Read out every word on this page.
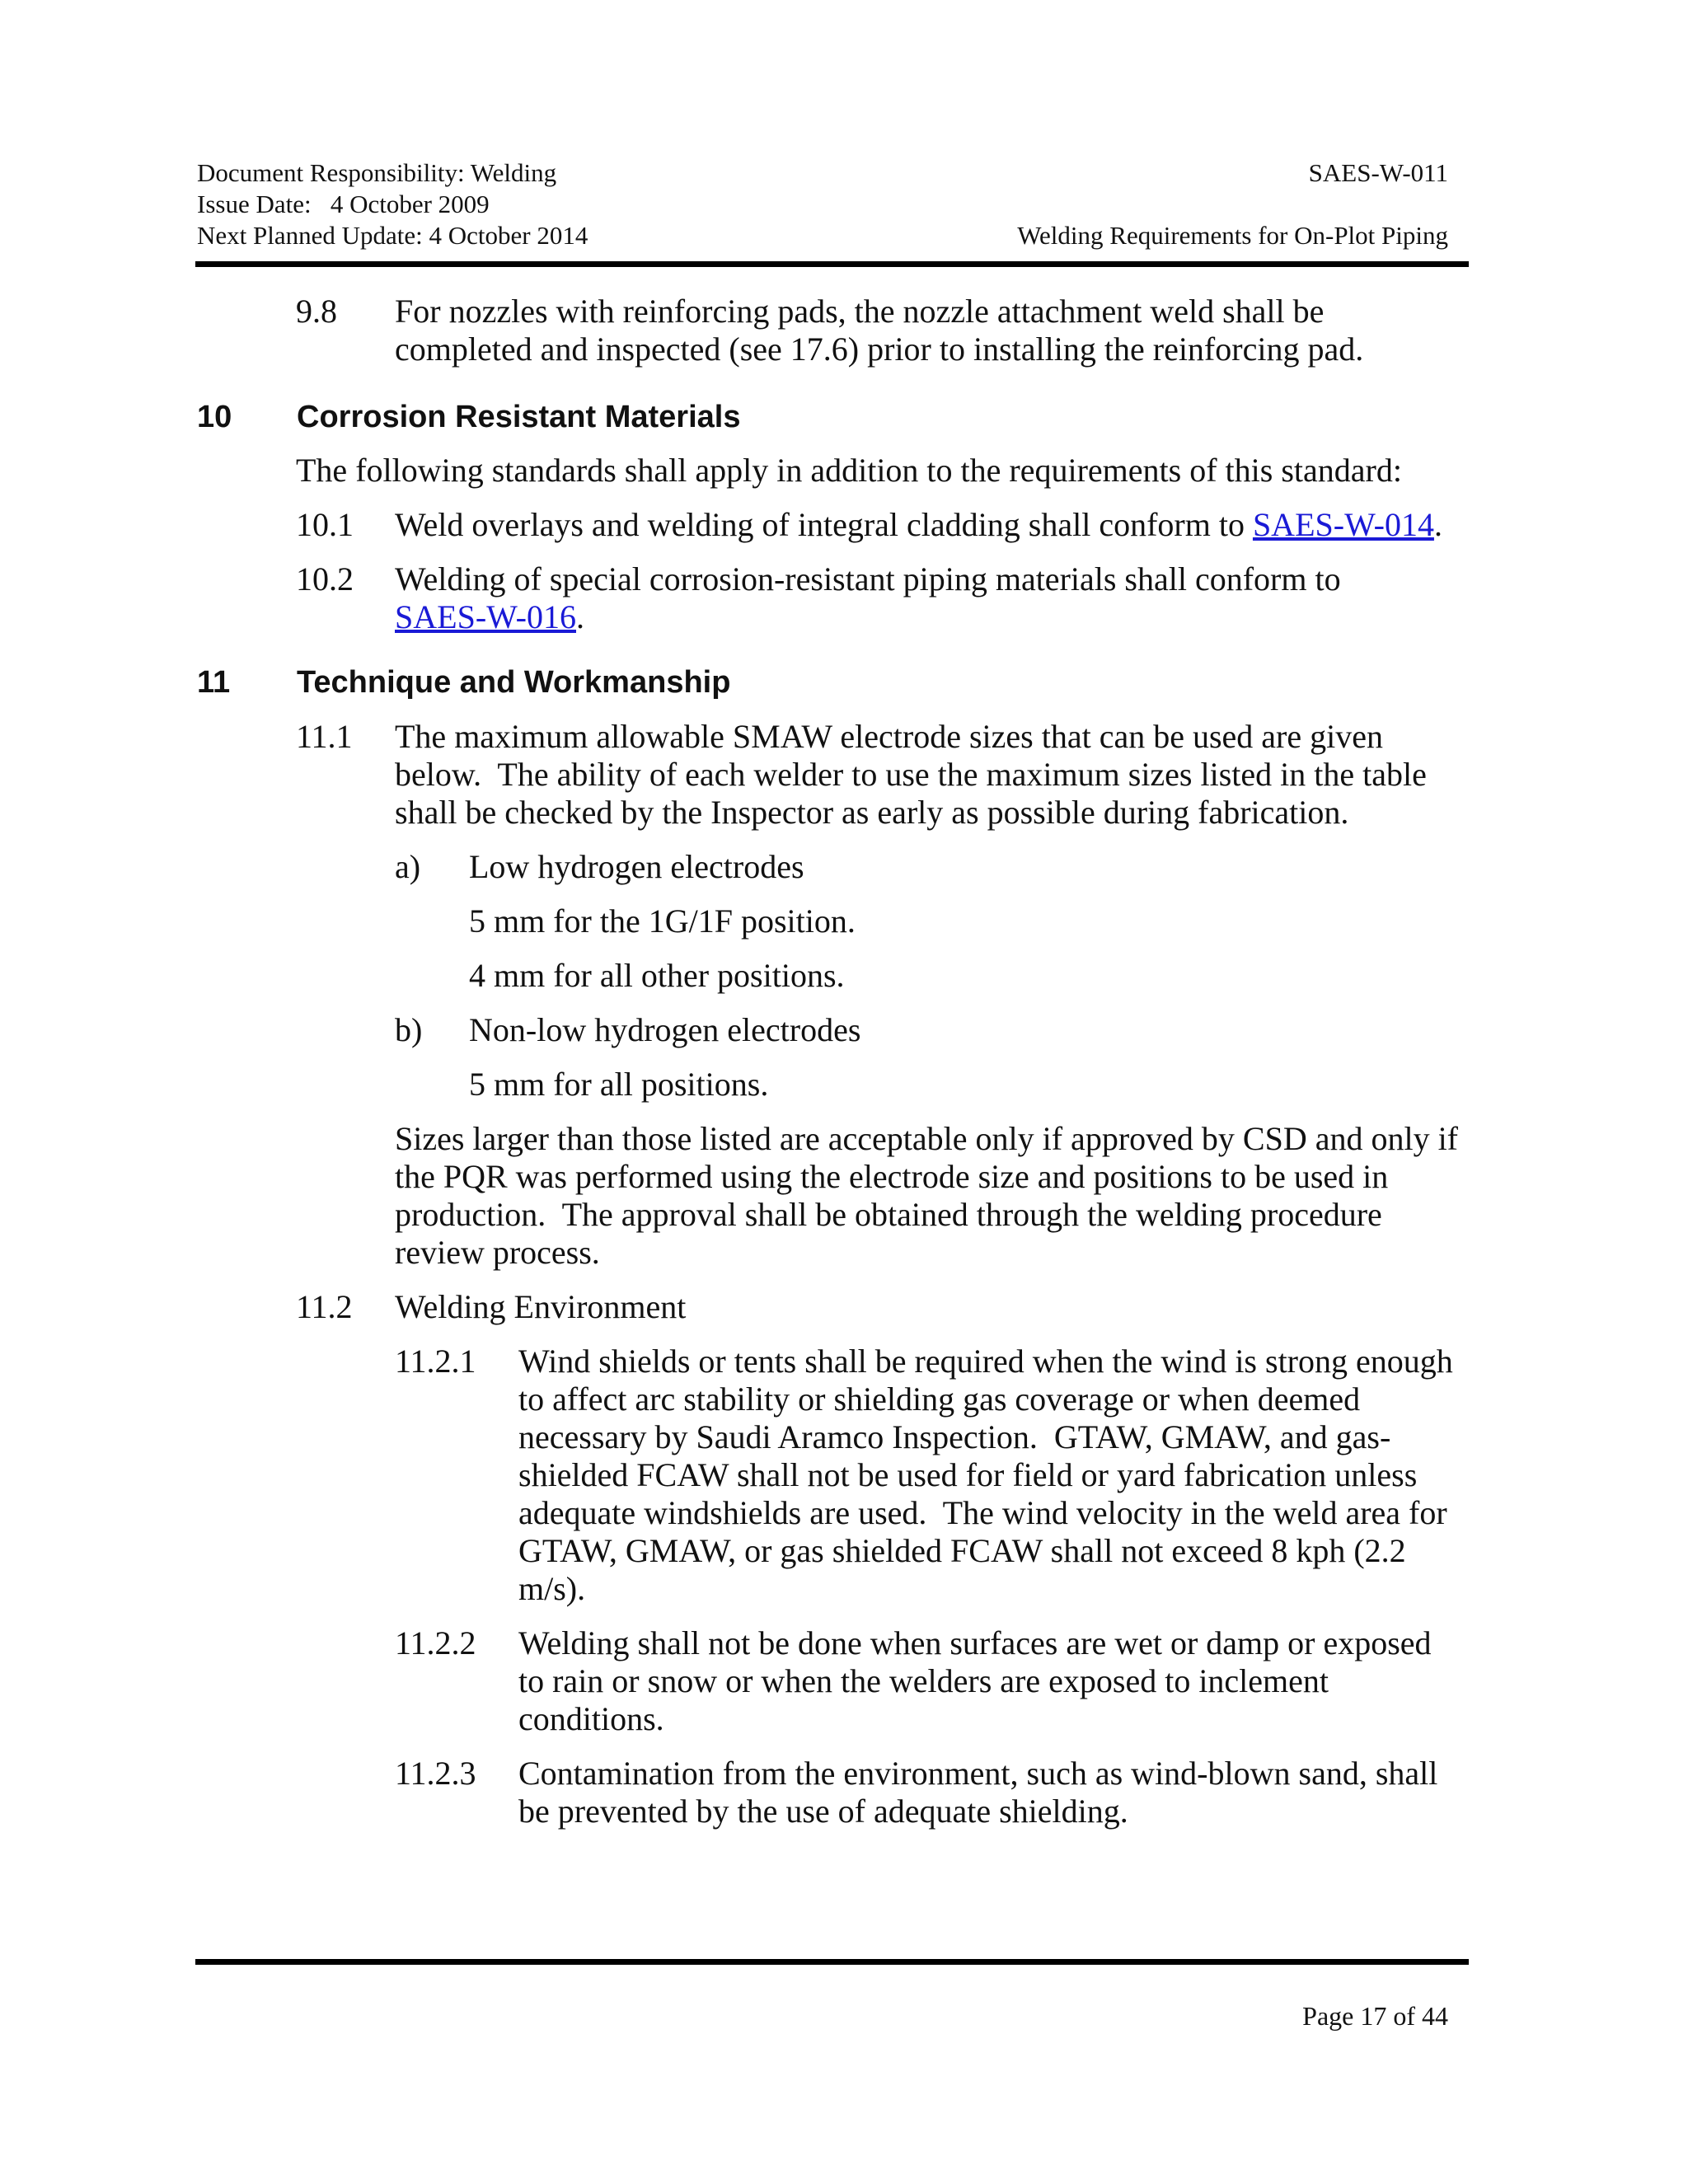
Document Responsibility: Welding
Issue Date:   4 October 2009
Next Planned Update: 4 October 2014
SAES-W-011
Welding Requirements for On-Plot Piping
9.8 For nozzles with reinforcing pads, the nozzle attachment weld shall be
completed and inspected (see 17.6) prior to installing the reinforcing pad.
10 Corrosion Resistant Materials
The following standards shall apply in addition to the requirements of this standard:
10.1 Weld overlays and welding of integral cladding shall conform to SAES-W-014.
10.2 Welding of special corrosion-resistant piping materials shall conform to
SAES-W-016.
11 Technique and Workmanship
11.1 The maximum allowable SMAW electrode sizes that can be used are given
below.  The ability of each welder to use the maximum sizes listed in the table
shall be checked by the Inspector as early as possible during fabrication.
a) Low hydrogen electrodes
5 mm for the 1G/1F position.
4 mm for all other positions.
b) Non-low hydrogen electrodes
5 mm for all positions.
Sizes larger than those listed are acceptable only if approved by CSD and only if
the PQR was performed using the electrode size and positions to be used in
production.  The approval shall be obtained through the welding procedure
review process.
11.2 Welding Environment
11.2.1 Wind shields or tents shall be required when the wind is strong enough
to affect arc stability or shielding gas coverage or when deemed
necessary by Saudi Aramco Inspection.  GTAW, GMAW, and gas-
shielded FCAW shall not be used for field or yard fabrication unless
adequate windshields are used.  The wind velocity in the weld area for
GTAW, GMAW, or gas shielded FCAW shall not exceed 8 kph (2.2
m/s).
11.2.2 Welding shall not be done when surfaces are wet or damp or exposed
to rain or snow or when the welders are exposed to inclement
conditions.
11.2.3 Contamination from the environment, such as wind-blown sand, shall
be prevented by the use of adequate shielding.
Page 17 of 44
